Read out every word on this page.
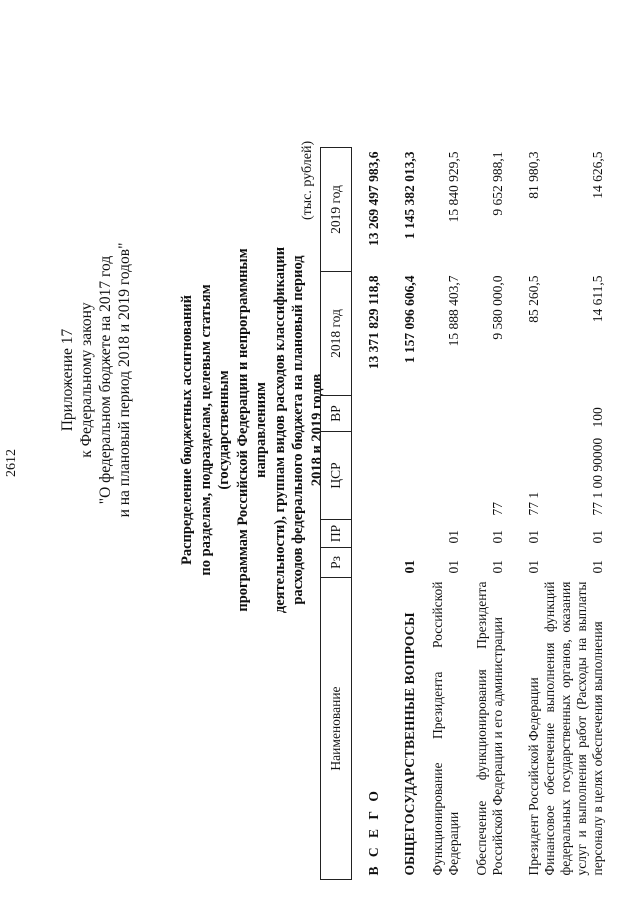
2612
Приложение 17 к Федеральному закону "О федеральном бюджете на 2017 год и на плановый период 2018 и 2019 годов"	Распределение бюджетных ассигнований по разделам, подразделам, целевым статьям (государственным программам Российской Федерации и непрограммным направлениям деятельности), группам видов расходов классификации расходов федерального бюджета на плановый период 2018 и 2019 годов
(тыс. рублей)
Наименование	Рз	ПР	ЦСР	ВР	2018 год	2019 год
В С Е Г О					13 371 829 118,8	13 269 497 983,6
ОБЩЕГОСУДАРСТВЕННЫЕ ВОПРОСЫ	01				1 157 096 606,4	1 145 382 013,3
Функционирование Президента Российской Федерации	01	01			15 888 403,7	15 840 929,5
Обеспечение функционирования Президента Российской Федерации и его администрации	01	01	77		9 580 000,0	9 652 988,1
Президент Российской Федерации	01	01	77 1		85 260,5	81 980,3
Финансовое обеспечение выполнения функций федеральных государственных органов, оказания услуг и выполнения работ (Расходы на выплаты персоналу в целях обеспечения выполнения	01	01	77 1 00 90000	100	14 611,5	14 626,5
